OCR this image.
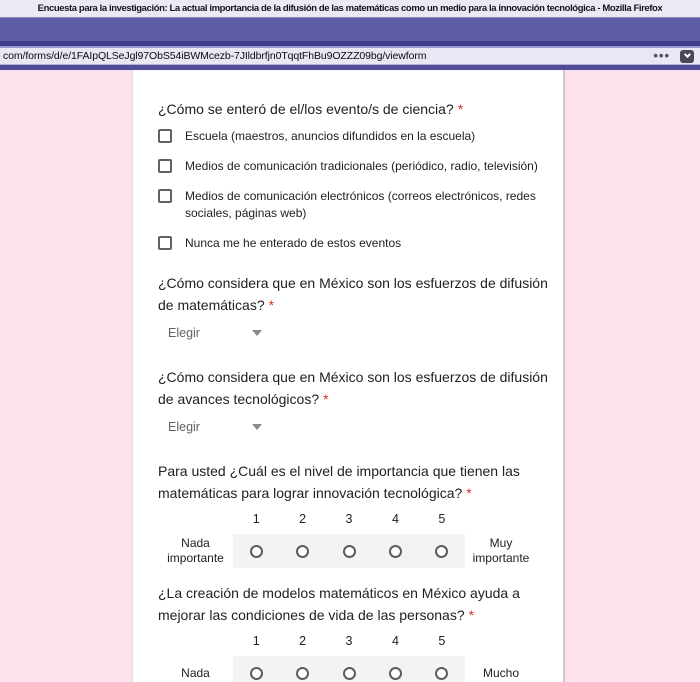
Encuesta para la investigación: La actual importancia de la difusión de las matemáticas como un medio para la innovación tecnológica - Mozilla Firefox
com/forms/d/e/1FAIpQLSeJgl97ObS54iBWMcezb-7JIldbrfjn0TqqtFhBu9OZZZ09bg/viewform	•••
¿Cómo se enteró de el/los evento/s de ciencia? *
Escuela (maestros, anuncios difundidos en la escuela)
Medios de comunicación tradicionales (periódico, radio, televisión)
Medios de comunicación electrónicos (correos electrónicos, redes sociales, páginas web)
Nunca me he enterado de estos eventos
¿Cómo considera que en México son los esfuerzos de difusión de matemáticas? *
Elegir
¿Cómo considera que en México son los esfuerzos de difusión de avances tecnológicos? *
Elegir
Para usted ¿Cuál es el nivel de importancia que tienen las matemáticas para lograr innovación tecnológica? *
Nada importante
1	2	3	4	5
Muy importante
¿La creación de modelos matemáticos en México ayuda a mejorar las condiciones de vida de las personas? *
Nada
1	2	3	4	5
Mucho
